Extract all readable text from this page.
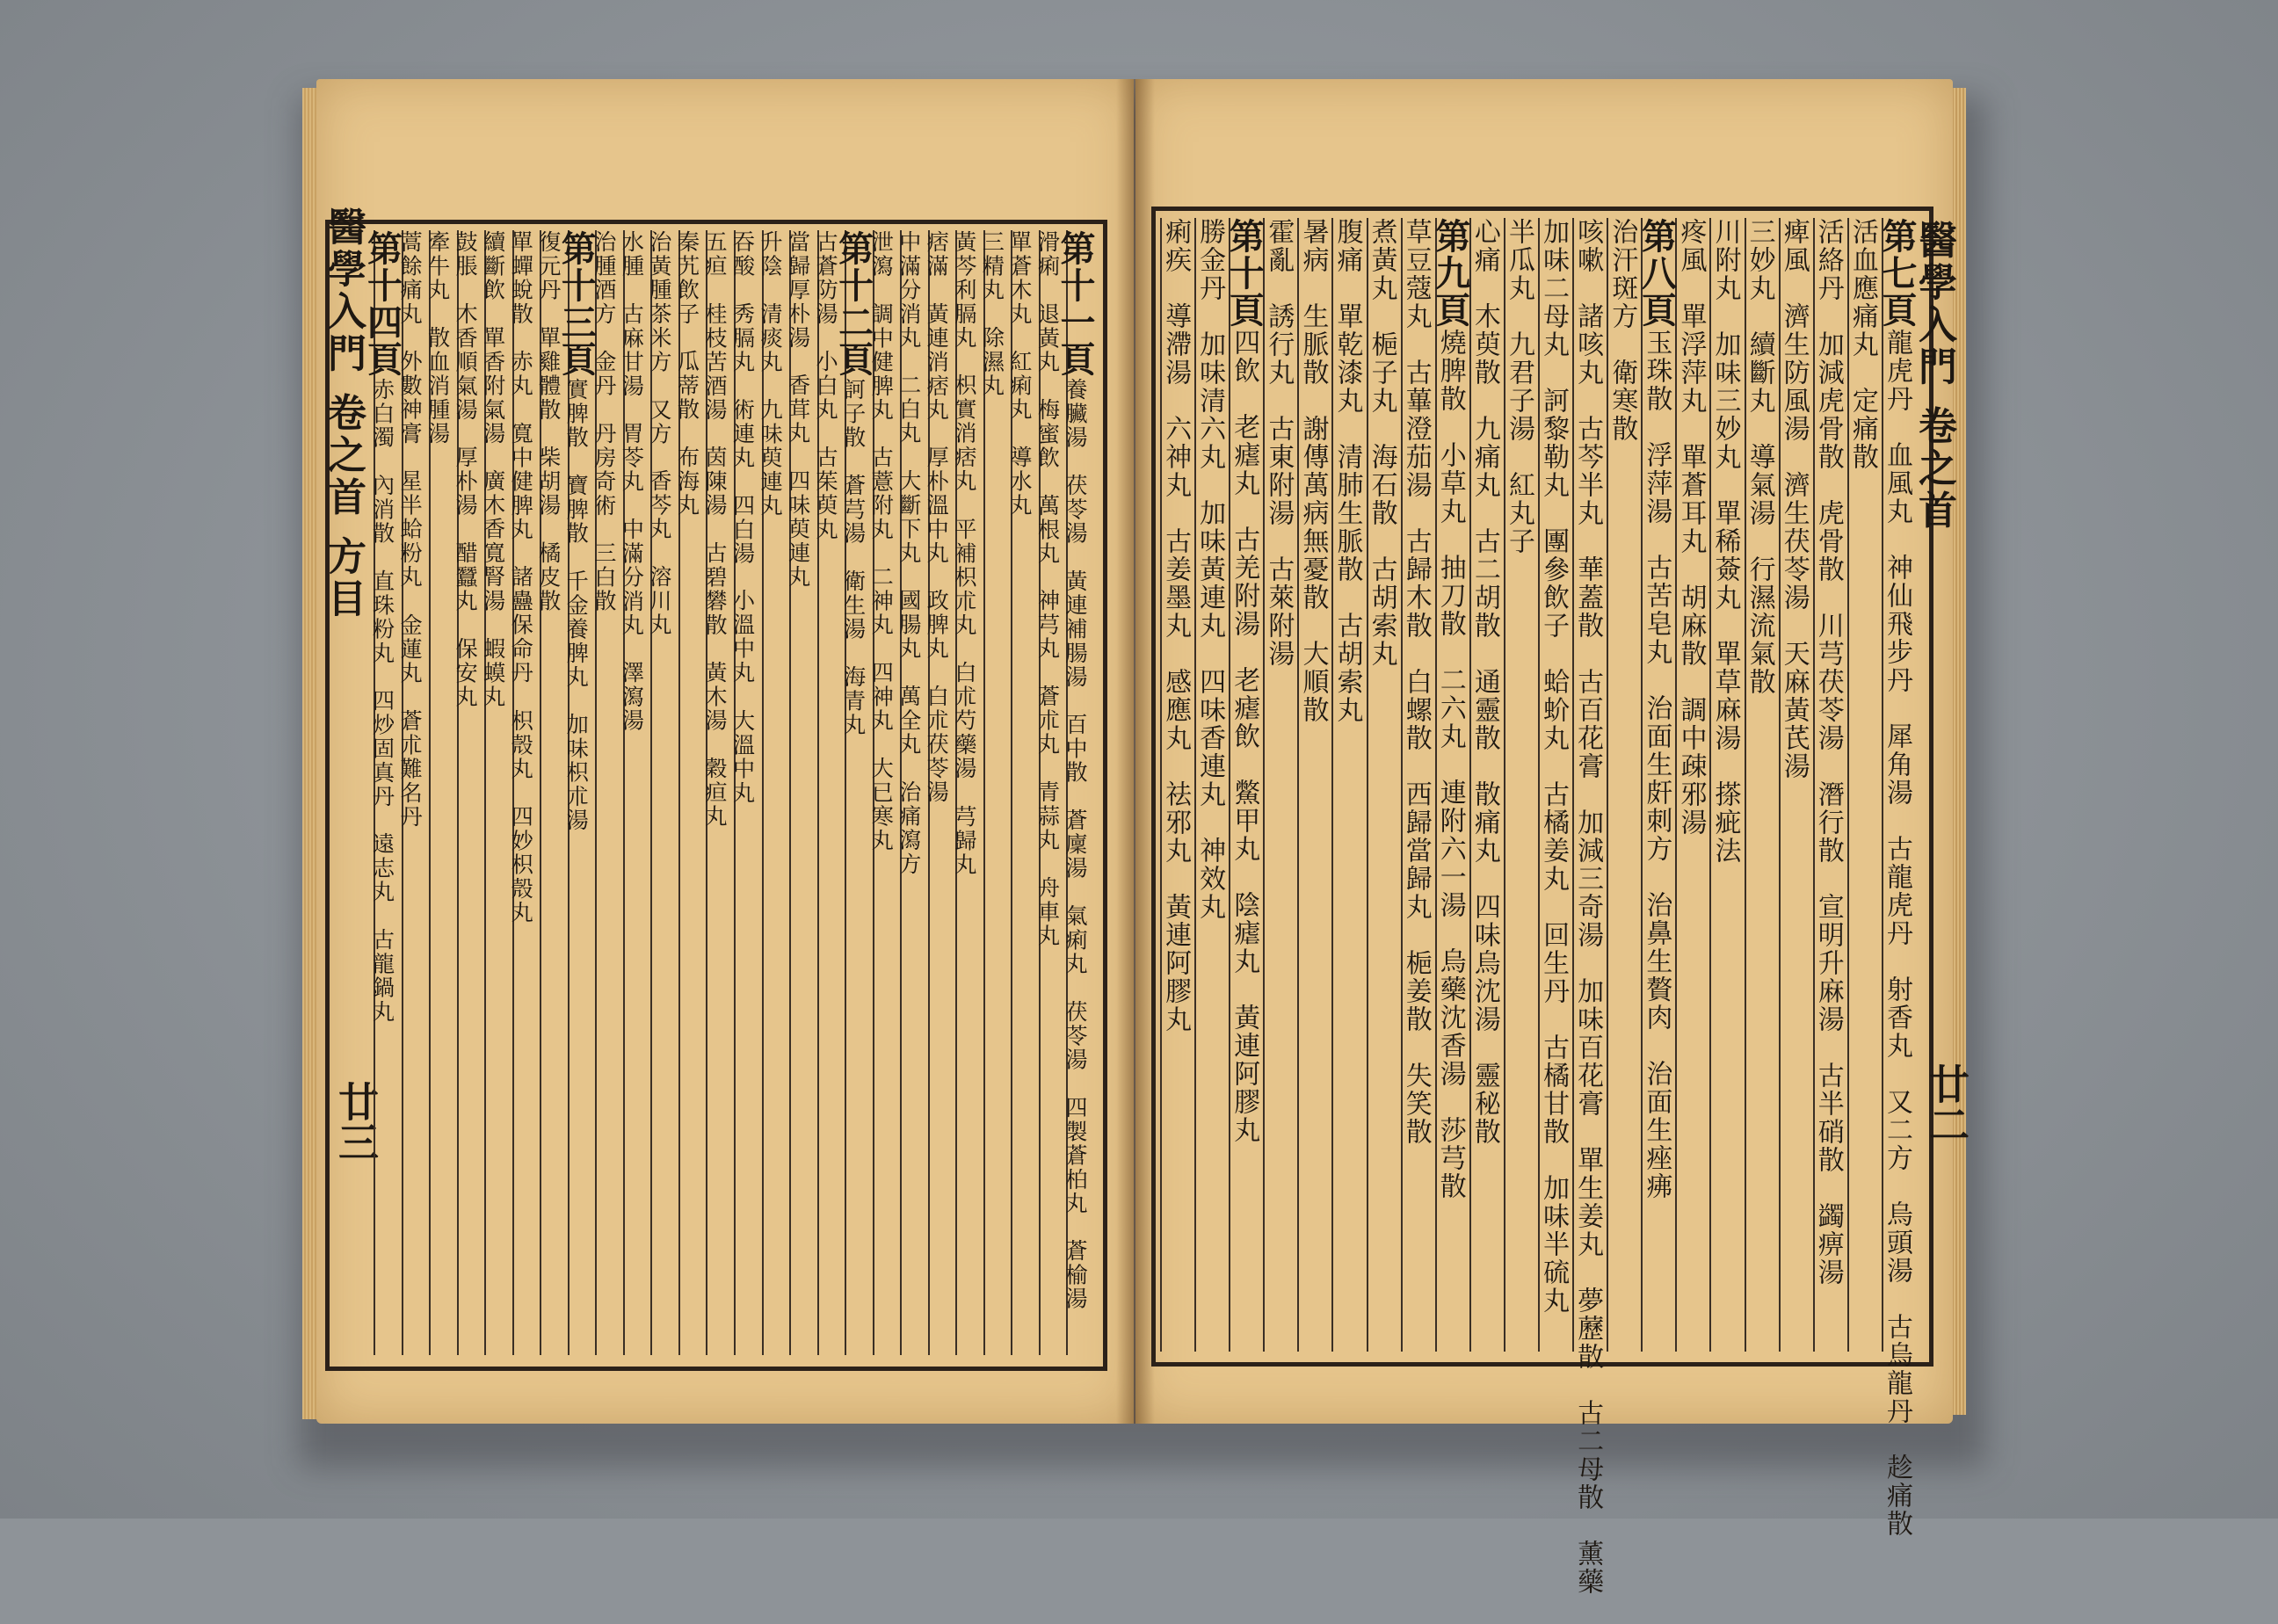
醫學入門 卷之首 方目
廿三
醫學入門 卷之首
廿二
第十一頁養臟湯　茯苓湯　黃連補腸湯　百中散　蒼廩湯　氣痢丸　茯苓湯　四製蒼柏丸　蒼榆湯　
滑痢　退黃丸　梅蜜飲　萬根丸　神芎丸　蒼朮丸　青蒜丸　舟車丸　
單蒼木丸　紅痢丸　導水丸　
三精丸　除濕丸　
黃芩利膈丸　枳實消痞丸　平補枳朮丸　白朮芍藥湯　芎歸丸　
痞滿　黃連消痞丸　厚朴溫中丸　政脾丸　白朮茯苓湯　
中滿分消丸　二白丸　大斷下丸　國腸丸　萬全丸　治痛瀉方　
泄瀉　調中健脾丸　古薏附丸　二神丸　四神丸　大已寒丸　
第十二頁訶子散　蒼芎湯　衛生湯　海青丸　
古蒼防湯　小白丸　古茱萸丸　
當歸厚朴湯　香茸丸　四味萸連丸　
升陰　清痰丸　九味萸連丸　
吞酸　秀膈丸　術連丸　四白湯　小溫中丸　大溫中丸　
五疸　桂枝苦酒湯　茵陳湯　古碧礬散　黃木湯　穀疸丸　
秦艽飲子　瓜蒂散　布海丸　
治黃腫茶米方　又方　香芩丸　溶川丸　
水腫　古麻甘湯　胃苓丸　中滿分消丸　澤瀉湯　
治腫酒方　金丹　丹房奇術　三白散　
第十三頁實脾散　寶脾散　千金養脾丸　加味枳朮湯　
復元丹　單雞體散　柴胡湯　橘皮散　
單蟬蛻散　赤丸　寬中健脾丸　諸蠱保命丹　枳殼丸　四妙枳殼丸　
續斷飲　單香附氣湯　廣木香寬腎湯　蝦蟆丸　
鼓脹　木香順氣湯　厚朴湯　醋蠶丸　保安丸　
牽牛丸　散血消腫湯　
蒿餘痛丸　外數神膏　星半蛤粉丸　金蓮丸　蒼朮難名丹　
第十四頁赤白濁　內消散　直珠粉丸　四炒固真丹　遠志丸　古龍鍋丸　
第七頁龍虎丹　血風丸　神仙飛步丹　犀角湯　古龍虎丹　射香丸　又二方　烏頭湯　古烏龍丹　趁痛散　
活血應痛丸　定痛散　
活絡丹　加減虎骨散　虎骨散　川芎茯苓湯　潛行散　宣明升麻湯　古半硝散　蠲痹湯　
痺風　濟生防風湯　濟生茯苓湯　天麻黃芪湯　
三妙丸　續斷丸　導氣湯　行濕流氣散　
川附丸　加味三妙丸　單稀薟丸　單草麻湯　搽疵法　
疼風　單浮萍丸　單蒼耳丸　胡麻散　調中疎邪湯　
第八頁玉珠散　浮萍湯　古苦皂丸　治面生皯刺方　治鼻生贅肉　治面生痤疿　
治汗斑方　衛寒散　
咳嗽　諸咳丸　古芩半丸　華蓋散　古百花膏　加減三奇湯　加味百花膏　單生姜丸　夢藶散　古二母散　薰藥　
加味二母丸　訶黎勒丸　團參飲子　蛤蚧丸　古橘姜丸　回生丹　古橘甘散　加味半硫丸　
半瓜丸　九君子湯　紅丸子　
心痛　木萸散　九痛丸　古二胡散　通靈散　散痛丸　四味烏沈湯　靈秘散　
第九頁燒脾散　小草丸　抽刀散　二六丸　連附六一湯　烏藥沈香湯　莎芎散　
草豆蔻丸　古蓽澄茄湯　古歸木散　白螺散　西歸當歸丸　梔姜散　失笑散　
煮黃丸　梔子丸　海石散　古胡索丸　
腹痛　單乾漆丸　清肺生脈散　古胡索丸　
暑病　生脈散　謝傳萬病無憂散　大順散　
霍亂　誘行丸　古東附湯　古萊附湯　
第十頁四飲　老瘧丸　古羌附湯　老瘧飲　鱉甲丸　陰瘧丸　黃連阿膠丸　
勝金丹　加味清六丸　加味黃連丸　四味香連丸　神效丸　
痢疾　導滯湯　六神丸　古姜墨丸　感應丸　祛邪丸　黃連阿膠丸　
